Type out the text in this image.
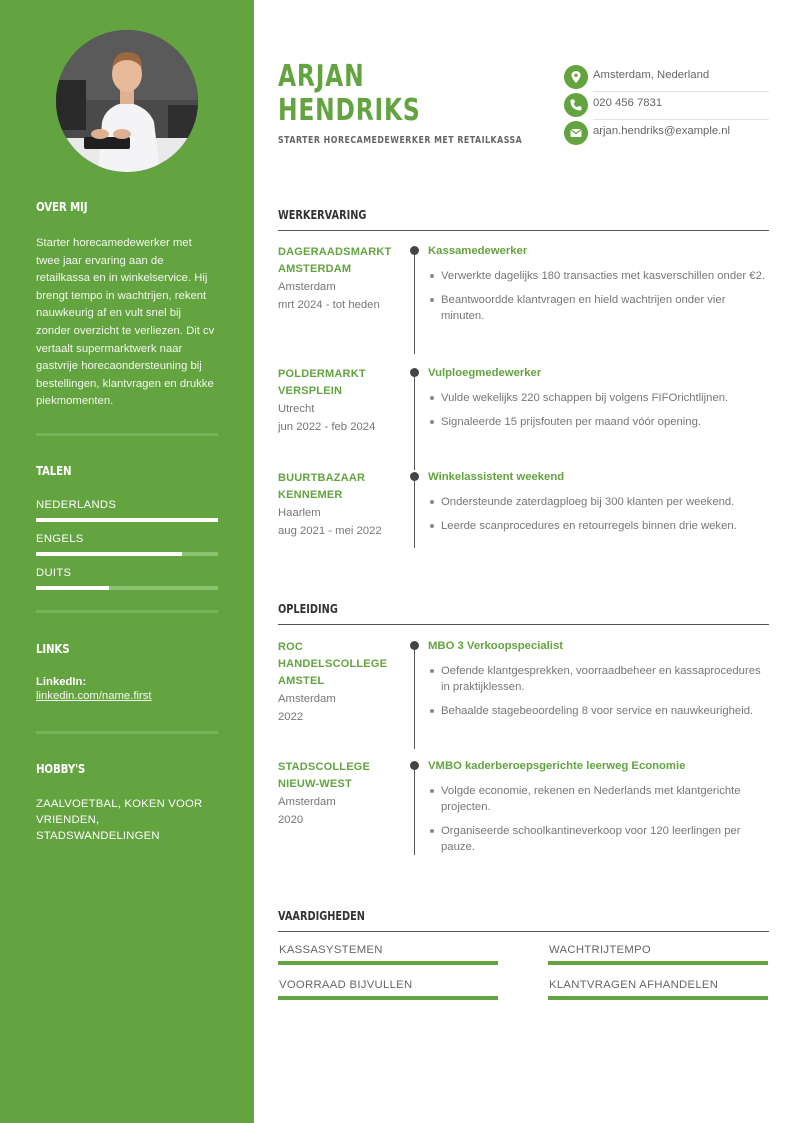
OVER MIJ
Starter horecamedewerker met twee jaar ervaring aan de retailkassa en in winkelservice. Hij brengt tempo in wachtrijen, rekent nauwkeurig af en vult snel bij zonder overzicht te verliezen. Dit cv vertaalt supermarktwerk naar gastvrije horecaondersteuning bij bestellingen, klantvragen en drukke piekmomenten.
TALEN
NEDERLANDS
ENGELS
DUITS
LINKS
LinkedIn:
linkedin.com/name.first
HOBBY'S
ZAALVOETBAL, KOKEN VOOR VRIENDEN, STADSWANDELINGEN
ARJAN
HENDRIKS
STARTER HORECAMEDEWERKER MET RETAILKASSA
Amsterdam, Nederland
020 456 7831
arjan.hendriks@example.nl
WERKERVARING
DAGERAADSMARKT AMSTERDAM
Amsterdam
mrt 2024 - tot heden
Kassamedewerker
Verwerkte dagelijks 180 transacties met kasverschillen onder €2.
Beantwoordde klantvragen en hield wachtrijen onder vier minuten.
POLDERMARKT VERSPLEIN
Utrecht
jun 2022 - feb 2024
Vulploegmedewerker
Vulde wekelijks 220 schappen bij volgens FIFOrichtlijnen.
Signaleerde 15 prijsfouten per maand vóór opening.
BUURTBAZAAR KENNEMER
Haarlem
aug 2021 - mei 2022
Winkelassistent weekend
Ondersteunde zaterdagploeg bij 300 klanten per weekend.
Leerde scanprocedures en retourregels binnen drie weken.
OPLEIDING
ROC HANDELSCOLLEGE AMSTEL
Amsterdam
2022
MBO 3 Verkoopspecialist
Oefende klantgesprekken, voorraadbeheer en kassaprocedures in praktijklessen.
Behaalde stagebeoordeling 8 voor service en nauwkeurigheid.
STADSCOLLEGE NIEUW-WEST
Amsterdam
2020
VMBO kaderberoepsgerichte leerweg Economie
Volgde economie, rekenen en Nederlands met klantgerichte projecten.
Organiseerde schoolkantineverkoop voor 120 leerlingen per pauze.
VAARDIGHEDEN
KASSASYSTEMEN	WACHTRIJTEMPO
VOORRAAD BIJVULLEN	KLANTVRAGEN AFHANDELEN
